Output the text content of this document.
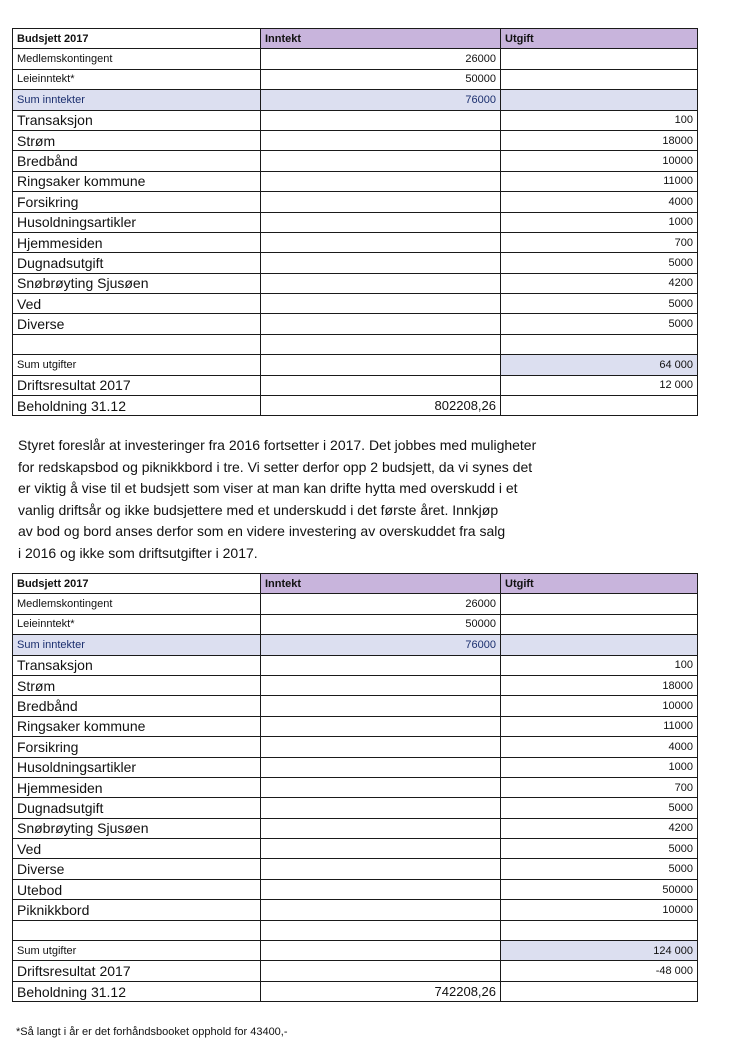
Budsjett 2017	Inntekt	Utgift
Medlemskontingent	26000	
Leieinntekt*	50000	
Sum inntekter	76000	
Transaksjon		100
Strøm		18000
Bredbånd		10000
Ringsaker kommune		11000
Forsikring		4000
Husoldningsartikler		1000
Hjemmesiden		700
Dugnadsutgift		5000
Snøbrøyting Sjusøen		4200
Ved		5000
Diverse		5000

Sum utgifter		64 000
Driftsresultat 2017		12 000
Beholdning 31.12	802208,26	

Styret foreslår at investeringer fra 2016 fortsetter i 2017. Det jobbes med muligheter
for redskapsbod og piknikkbord i tre. Vi setter derfor opp 2 budsjett, da vi synes det
er viktig å vise til et budsjett som viser at man kan drifte hytta med overskudd i et
vanlig driftsår og ikke budsjettere med et underskudd i det første året. Innkjøp
av bod og bord anses derfor som en videre investering av overskuddet fra salg
i 2016 og ikke som driftsutgifter i 2017.

Budsjett 2017	Inntekt	Utgift
Medlemskontingent	26000	
Leieinntekt*	50000	
Sum inntekter	76000	
Transaksjon		100
Strøm		18000
Bredbånd		10000
Ringsaker kommune		11000
Forsikring		4000
Husoldningsartikler		1000
Hjemmesiden		700
Dugnadsutgift		5000
Snøbrøyting Sjusøen		4200
Ved		5000
Diverse		5000
Utebod		50000
Piknikkbord		10000

Sum utgifter		124 000
Driftsresultat 2017		-48 000
Beholdning 31.12	742208,26	

*Så langt i år er det forhåndsbooket opphold for 43400,-
